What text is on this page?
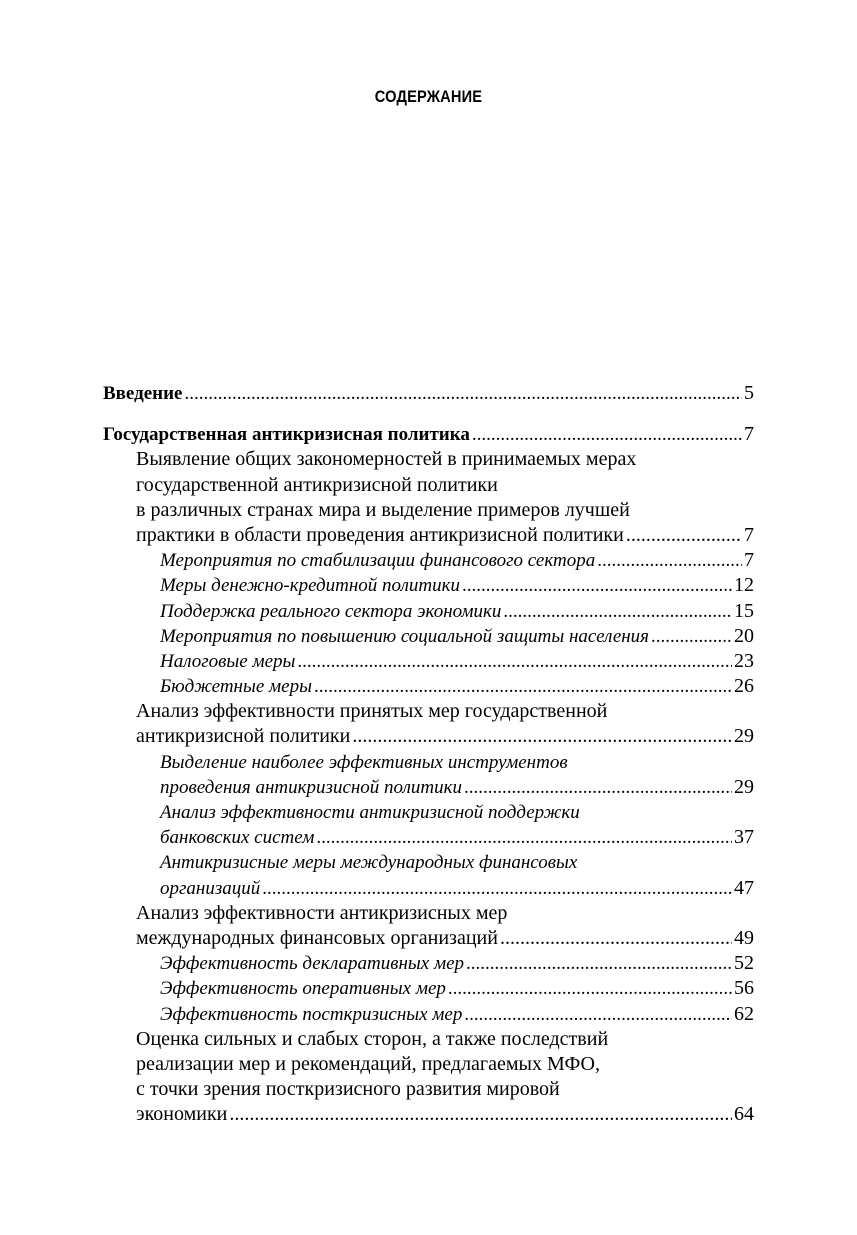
СОДЕРЖАНИЕ
Введение .....	5
Государственная антикризисная политика .....	7
Выявление общих закономерностей в принимаемых мерах
государственной антикризисной политики
в различных странах мира и выделение примеров лучшей
практики в области проведения антикризисной политики .....	7
Мероприятия по стабилизации финансового сектора .....	7
Меры денежно-кредитной политики .....	12
Поддержка реального сектора экономики .....	15
Мероприятия по повышению социальной защиты населения .....	20
Налоговые меры .....	23
Бюджетные меры .....	26
Анализ эффективности принятых мер государственной
антикризисной политики .....	29
Выделение наиболее эффективных инструментов
проведения антикризисной политики .....	29
Анализ эффективности антикризисной поддержки
банковских систем .....	37
Антикризисные меры международных финансовых
организаций .....	47
Анализ эффективности антикризисных мер
международных финансовых организаций .....	49
Эффективность декларативных мер .....	52
Эффективность оперативных мер .....	56
Эффективность посткризисных мер .....	62
Оценка сильных и слабых сторон, а также последствий
реализации мер и рекомендаций, предлагаемых МФО,
с точки зрения посткризисного развития мировой
экономики .....	64
